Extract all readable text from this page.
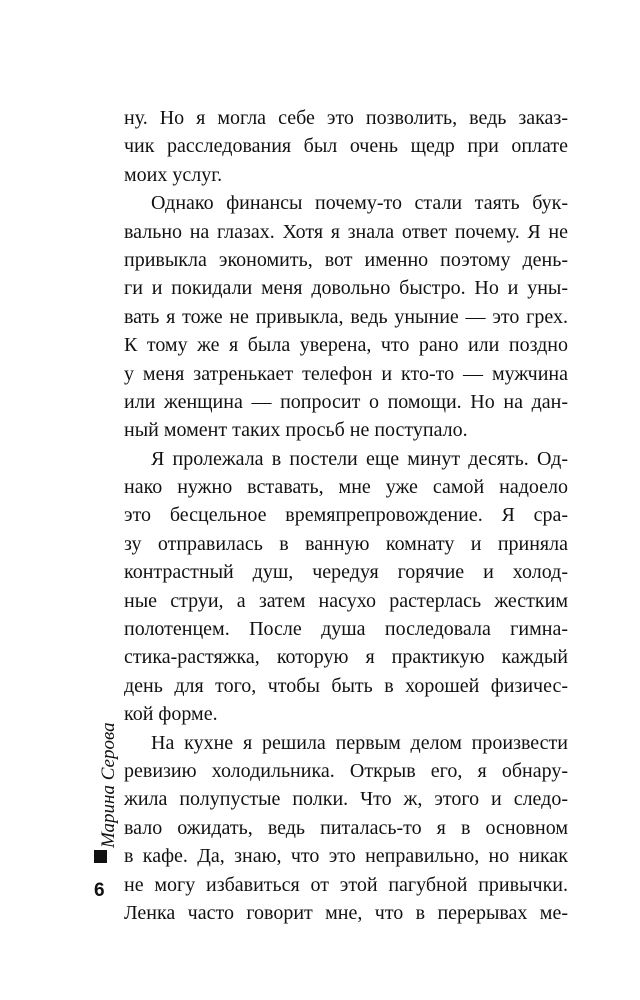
ну. Но я могла себе это позволить, ведь заказ-
чик расследования был очень щедр при оплате
моих услуг.
Однако финансы почему-то стали таять бук-
вально на глазах. Хотя я знала ответ почему. Я не
привыкла экономить, вот именно поэтому день-
ги и покидали меня довольно быстро. Но и уны-
вать я тоже не привыкла, ведь уныние — это грех.
К тому же я была уверена, что рано или поздно
у меня затренькает телефон и кто-то — мужчина
или женщина — попросит о помощи. Но на дан-
ный момент таких просьб не поступало.
Я пролежала в постели еще минут десять. Од-
нако нужно вставать, мне уже самой надоело
это бесцельное времяпрепровождение. Я сра-
зу отправилась в ванную комнату и приняла
контрастный душ, чередуя горячие и холод-
ные струи, а затем насухо растерлась жестким
полотенцем. После душа последовала гимна-
стика-растяжка, которую я практикую каждый
день для того, чтобы быть в хорошей физичес-
кой форме.
На кухне я решила первым делом произвести
ревизию холодильника. Открыв его, я обнару-
жила полупустые полки. Что ж, этого и следо-
вало ожидать, ведь питалась-то я в основном
в кафе. Да, знаю, что это неправильно, но никак
не могу избавиться от этой пагубной привычки.
Ленка часто говорит мне, что в перерывах ме-
Марина Серова
6
